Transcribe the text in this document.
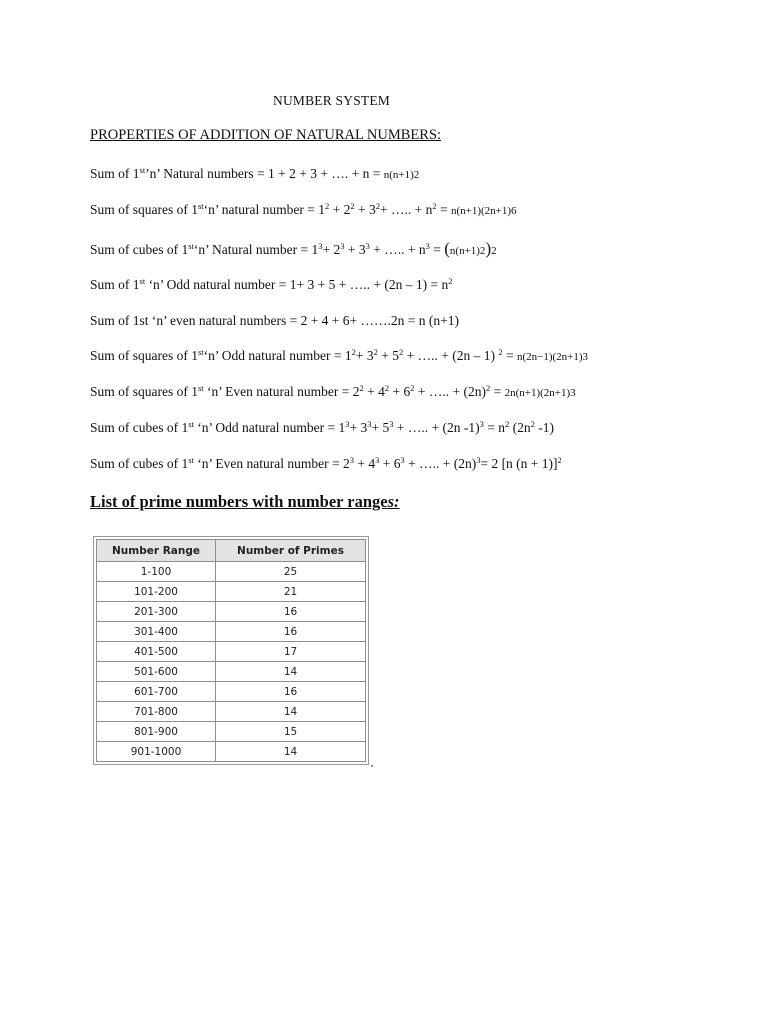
NUMBER SYSTEM
PROPERTIES OF ADDITION OF NATURAL NUMBERS:
Sum of 1st’n’ Natural numbers = 1 + 2 + 3 + …. + n = n(n+1)2
Sum of squares of 1st‘n’ natural number = $1^2 + 2^2 + 3^2+$ ….. + $n^2 = n(n+1)(2n+1)6$
Sum of cubes of 1st‘n’ Natural number = $1^3+ 2^3 + 3^3$ + ….. + $n^3 = (n(n+1)2)2$
Sum of 1st ‘n’ Odd natural number = 1+ 3 + 5 + ….. + $(2n - 1) = n^2$
Sum of 1st ‘n’ even natural numbers = 2 + 4 + 6+ …….2n = n (n+1)
Sum of squares of 1st‘n’ Odd natural number = $1^2+ 3^2 + 5^2$ + ….. + (2n – 1) $^2$ = n(2n−1)(2n+1)3
Sum of squares of 1st ‘n’ Even natural number = $2^2 + 4^2 + 6^2$ + ….. + $(2n)^2 = 2n(n+1)(2n+1)3$
Sum of cubes of 1st ‘n’ Odd natural number = $1^3+ 3^3+ 5^3$ + ….. + (2n $-1)^3 = n^2$ ($2n^2$ -1)
Sum of cubes of 1st ‘n’ Even natural number = $2^3 + 4^3 + 6^3$ + ….. + $(2n)^3= 2$ [n (n + 1)]$^2$
List of prime numbers with number ranges:
Number Range	Number of Primes
1-100	25
101-200	21
201-300	16
301-400	16
401-500	17
501-600	14
601-700	16
701-800	14
801-900	15
901-1000	14
